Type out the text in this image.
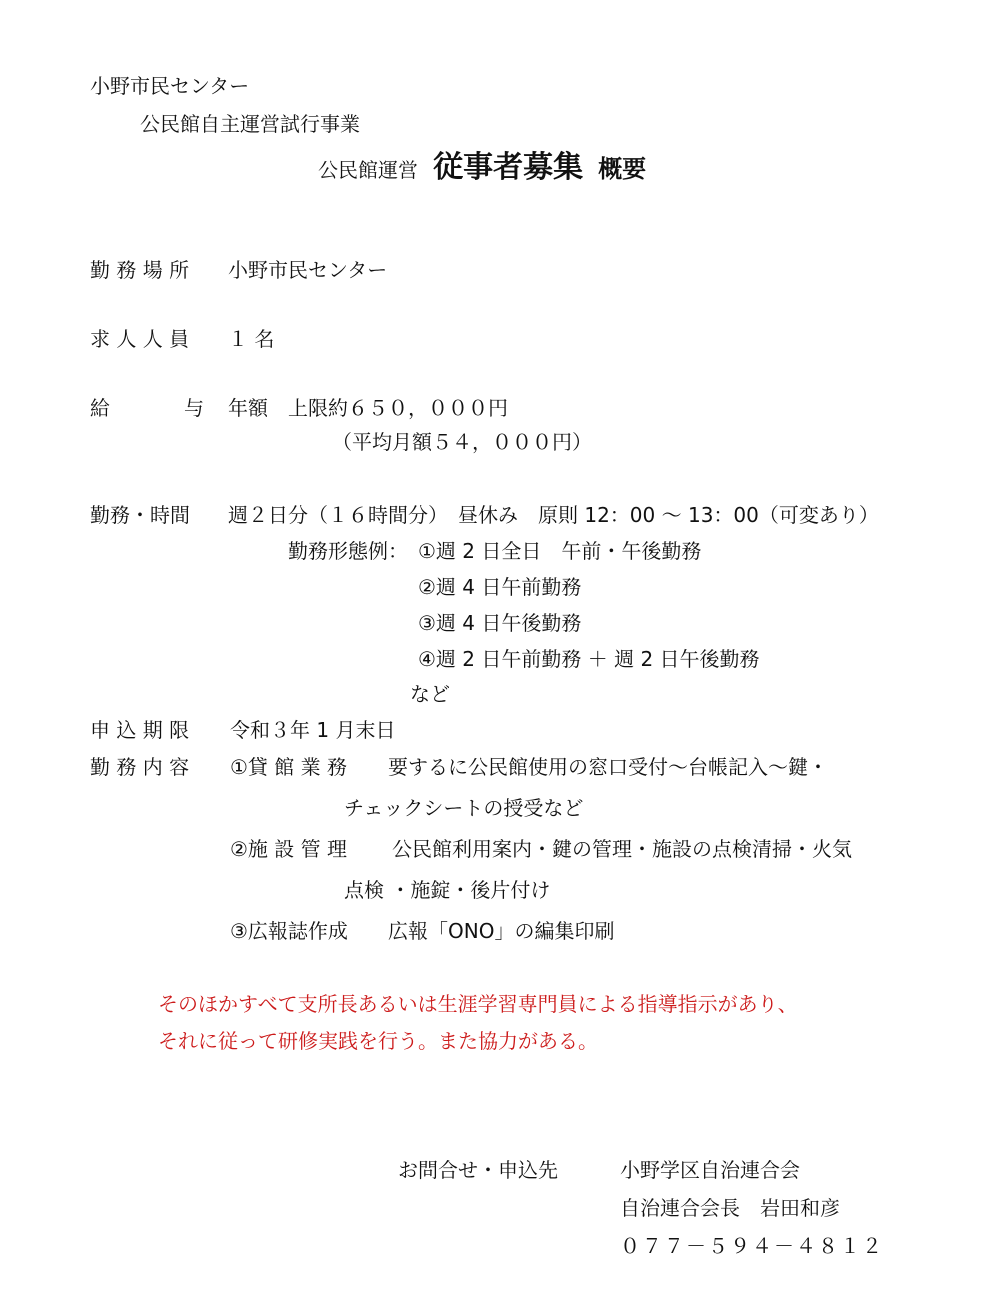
小野市民センター
公民館自主運営試行事業
公民館運営 従事者募集 概要
勤 務 場 所 小野市民センター
求 人 人 員 １ 名
給	与 年額　上限約６５０，０００円
（平均月額５４，０００円）
勤務・時間 週２日分（１６時間分）　昼休み　原則 12：00 ～ 13：00（可変あり）
勤務形態例： ①週 2 日全日　午前・午後勤務
②週 4 日午前勤務
③週 4 日午後勤務
④週 2 日午前勤務 ＋ 週 2 日午後勤務
など
申 込 期 限 令和３年 1 月末日
勤 務 内 容 ①貸 館 業 務 要するに公民館使用の窓口受付～台帳記入～鍵・
チェックシートの授受など
②施 設 管 理 公民館利用案内・鍵の管理・施設の点検清掃・火気
点検 ・施錠・後片付け
③広報誌作成 広報「ONO」の編集印刷
そのほかすべて支所長あるいは生涯学習専門員による指導指示があり、
それに従って研修実践を行う。また協力がある。
お問合せ・申込先	小野学区自治連合会
自治連合会長　岩田和彦
０７７－５９４－４８１２
